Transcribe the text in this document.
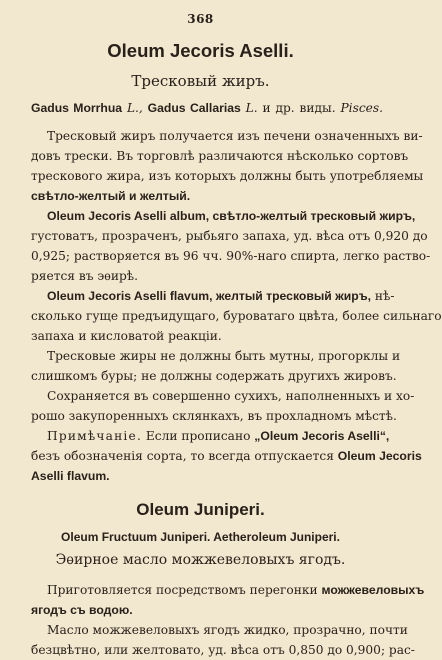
368
Oleum Jecoris Aselli.
Тресковый жиръ.
Gadus Morrhua L., Gadus Callarias L. и др. виды. Pisces.
Тресковый жиръ получается изъ печени означенныхъ ви-
довъ трески. Въ торговлѣ различаются нѣсколько сортовъ
трескового жира, изъ которыхъ должны быть употребляемы
свѣтло-желтый и желтый.
Oleum Jecoris Aselli album, свѣтло-желтый тресковый жиръ,
густоватъ, прозраченъ, рыбьяго запаха, уд. вѣса отъ 0,920 до
0,925; растворяется въ 96 чч. 90%-наго спирта, легко раство-
ряется въ эѳирѣ.
Oleum Jecoris Aselli flavum, желтый тресковый жиръ, нѣ-
сколько гуще предъидущаго, буроватаго цвѣта, более сильнаго
запаха и кисловатой реакціи.
Тресковые жиры не должны быть мутны, прогорклы и
слишкомъ буры; не должны содержать другихъ жировъ.
Сохраняется въ совершенно сухихъ, наполненныхъ и хо-
рошо закупоренныхъ склянкахъ, въ прохладномъ мѣстѣ.
Примѣчаніе. Если прописано „Oleum Jecoris Aselli“,
безъ обозначенія сорта, то всегда отпускается Oleum Jecoris
Aselli flavum.
Oleum Juniperi.
Oleum Fructuum Juniperi. Aetheroleum Juniperi.
Эѳирное масло можжевеловыхъ ягодъ.
Приготовляется посредствомъ перегонки можжевеловыхъ
ягодъ съ водою.
Масло можжевеловыхъ ягодъ жидко, прозрачно, почти
безцвѣтно, или желтовато, уд. вѣса отъ 0,850 до 0,900; рас-
